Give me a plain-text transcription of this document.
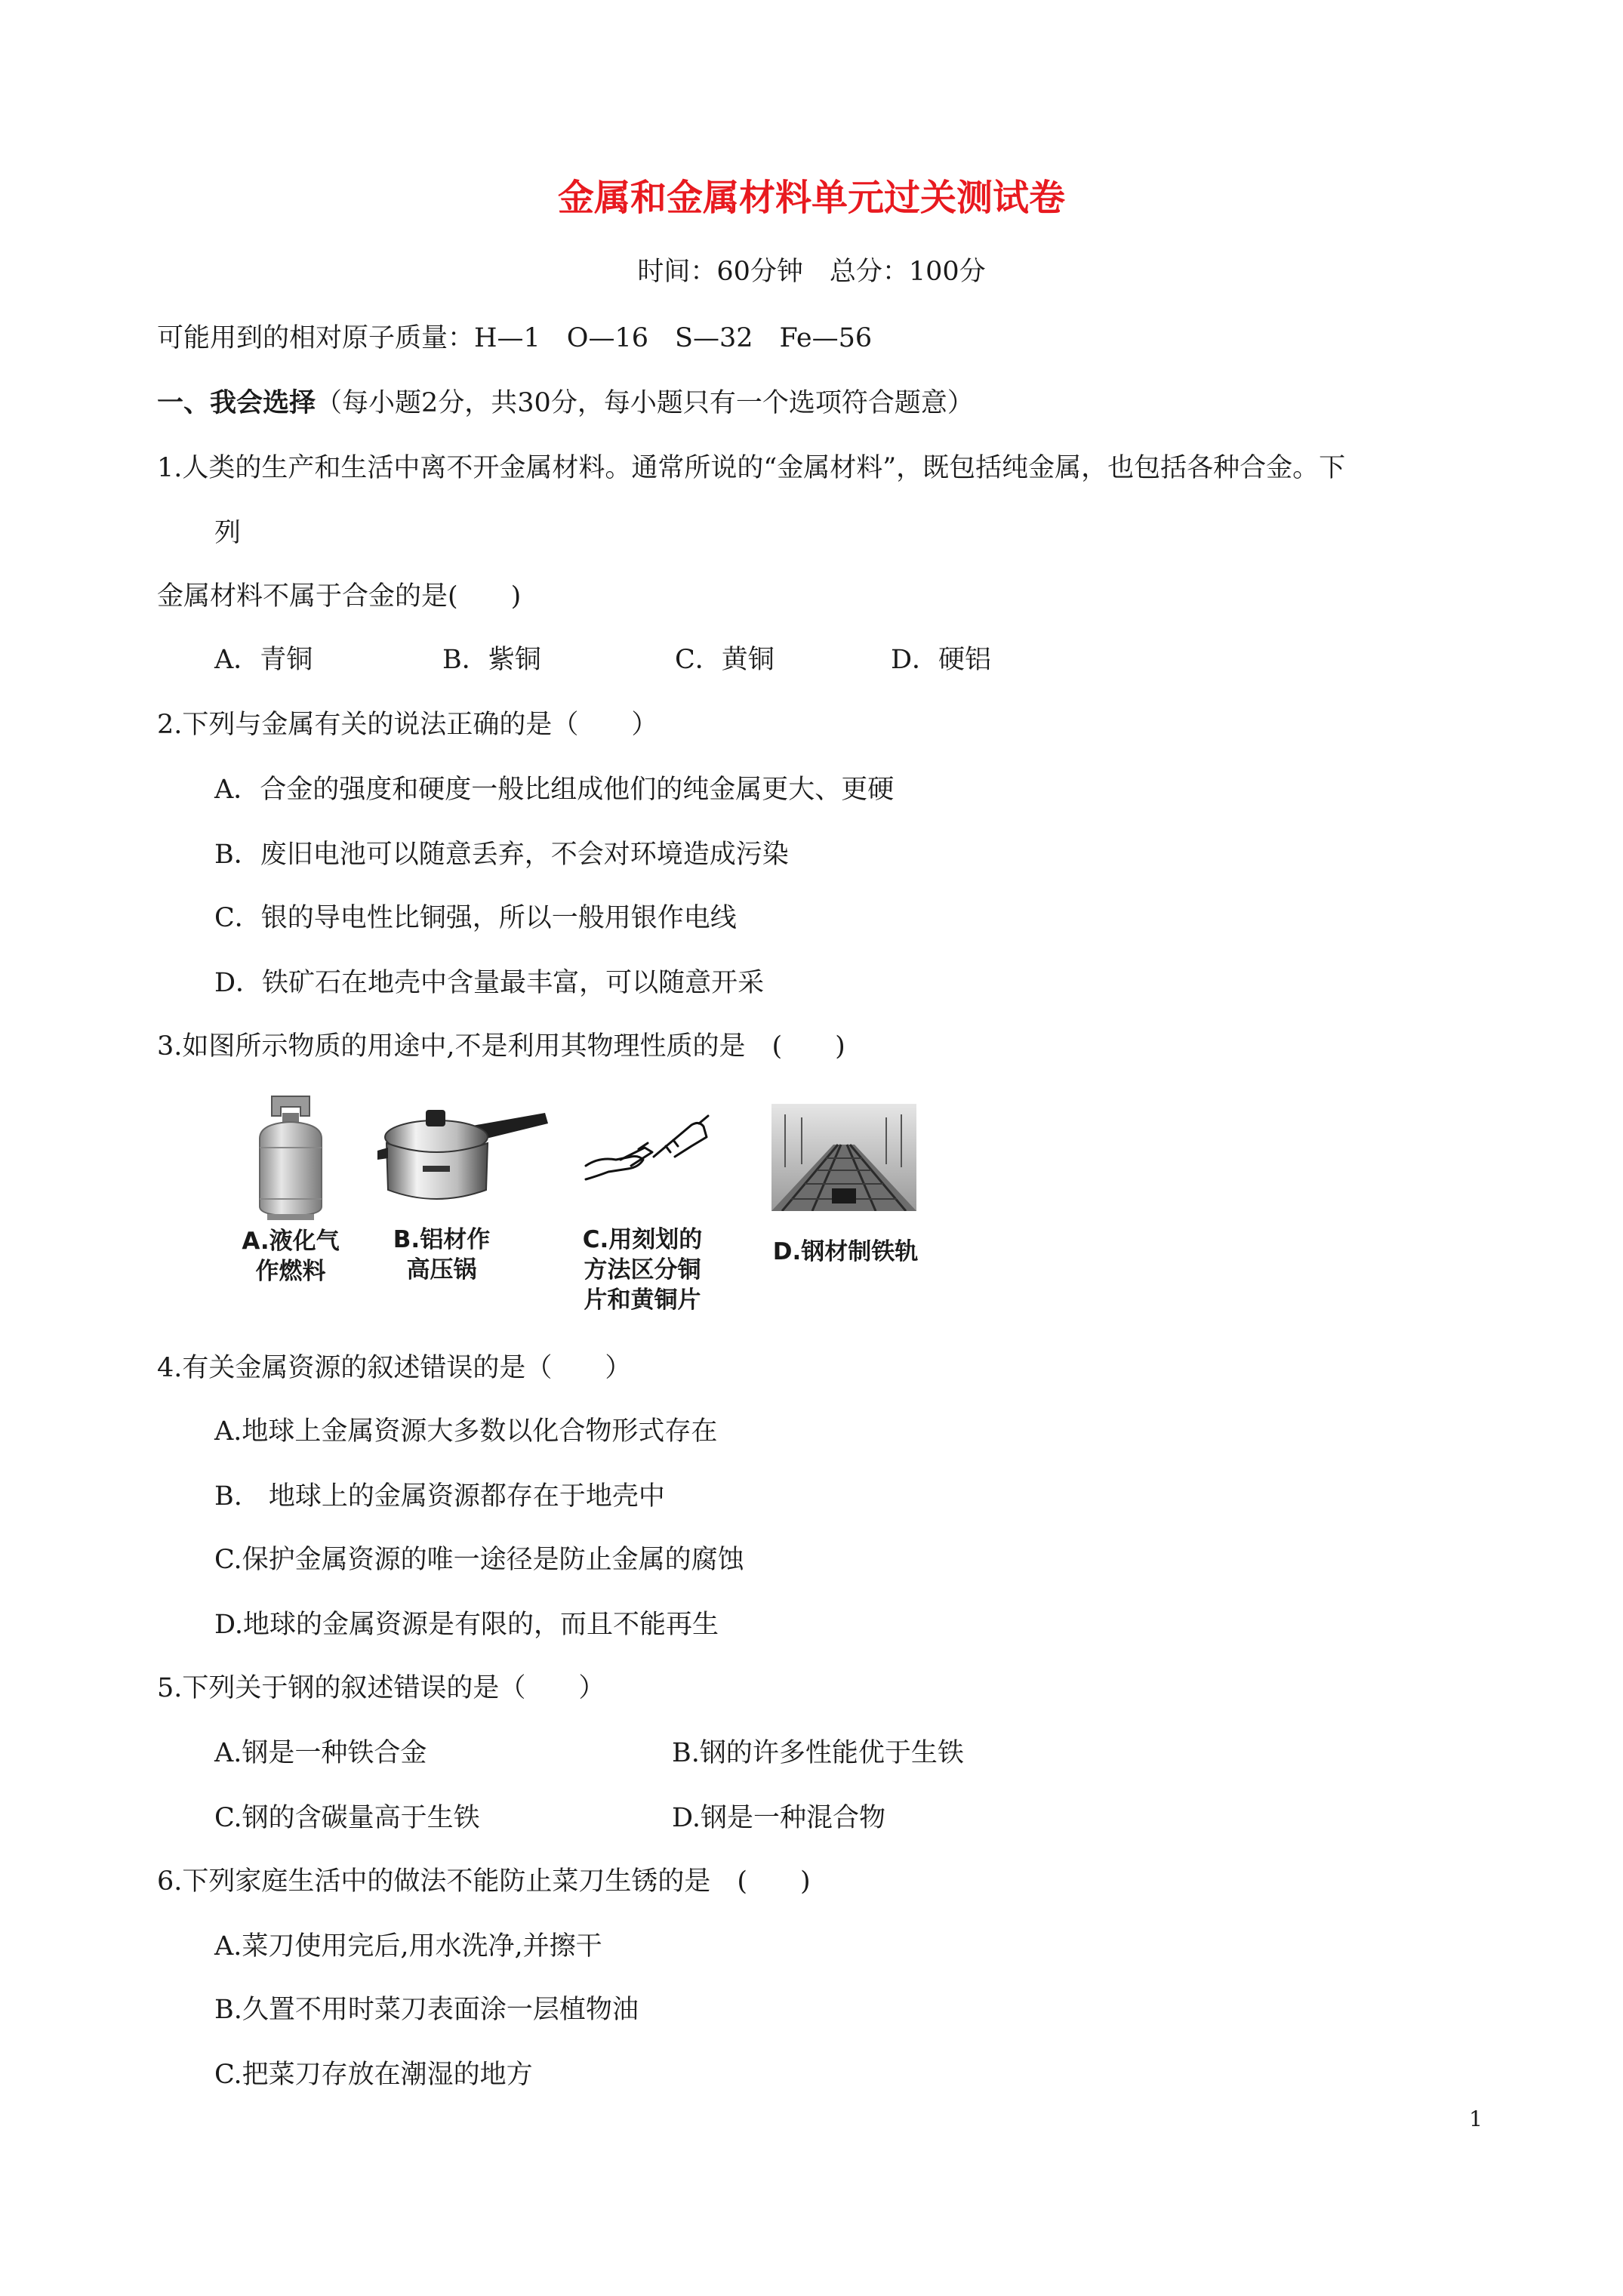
金属和金属材料单元过关测试卷
时间：60分钟　总分：100分
可能用到的相对原子质量：H—1　O—16　S—32　Fe—56
一、我会选择（每小题2分，共30分，每小题只有一个选项符合题意）
1.人类的生产和生活中离不开金属材料。通常所说的“金属材料”，既包括纯金属，也包括各种合金。下
列
金属材料不属于合金的是(　　)
A．青铜	B．紫铜	C．黄铜	D．硬铝
2.下列与金属有关的说法正确的是（　　）
A．合金的强度和硬度一般比组成他们的纯金属更大、更硬
B．废旧电池可以随意丢弃，不会对环境造成污染
C．银的导电性比铜强，所以一般用银作电线
D．铁矿石在地壳中含量最丰富，可以随意开采
3.如图所示物质的用途中,不是利用其物理性质的是　(　　)
A.液化气
作燃料
B.铝材作
高压锅
C.用刻划的
方法区分铜
片和黄铜片
D.钢材制铁轨
4.有关金属资源的叙述错误的是（　　）
A.地球上金属资源大多数以化合物形式存在
B.　地球上的金属资源都存在于地壳中
C.保护金属资源的唯一途径是防止金属的腐蚀
D.地球的金属资源是有限的，而且不能再生
5.下列关于钢的叙述错误的是（　　）
A.钢是一种铁合金	B.钢的许多性能优于生铁
C.钢的含碳量高于生铁	D.钢是一种混合物
6.下列家庭生活中的做法不能防止菜刀生锈的是　(　　)
A.菜刀使用完后,用水洗净,并擦干
B.久置不用时菜刀表面涂一层植物油
C.把菜刀存放在潮湿的地方
1
